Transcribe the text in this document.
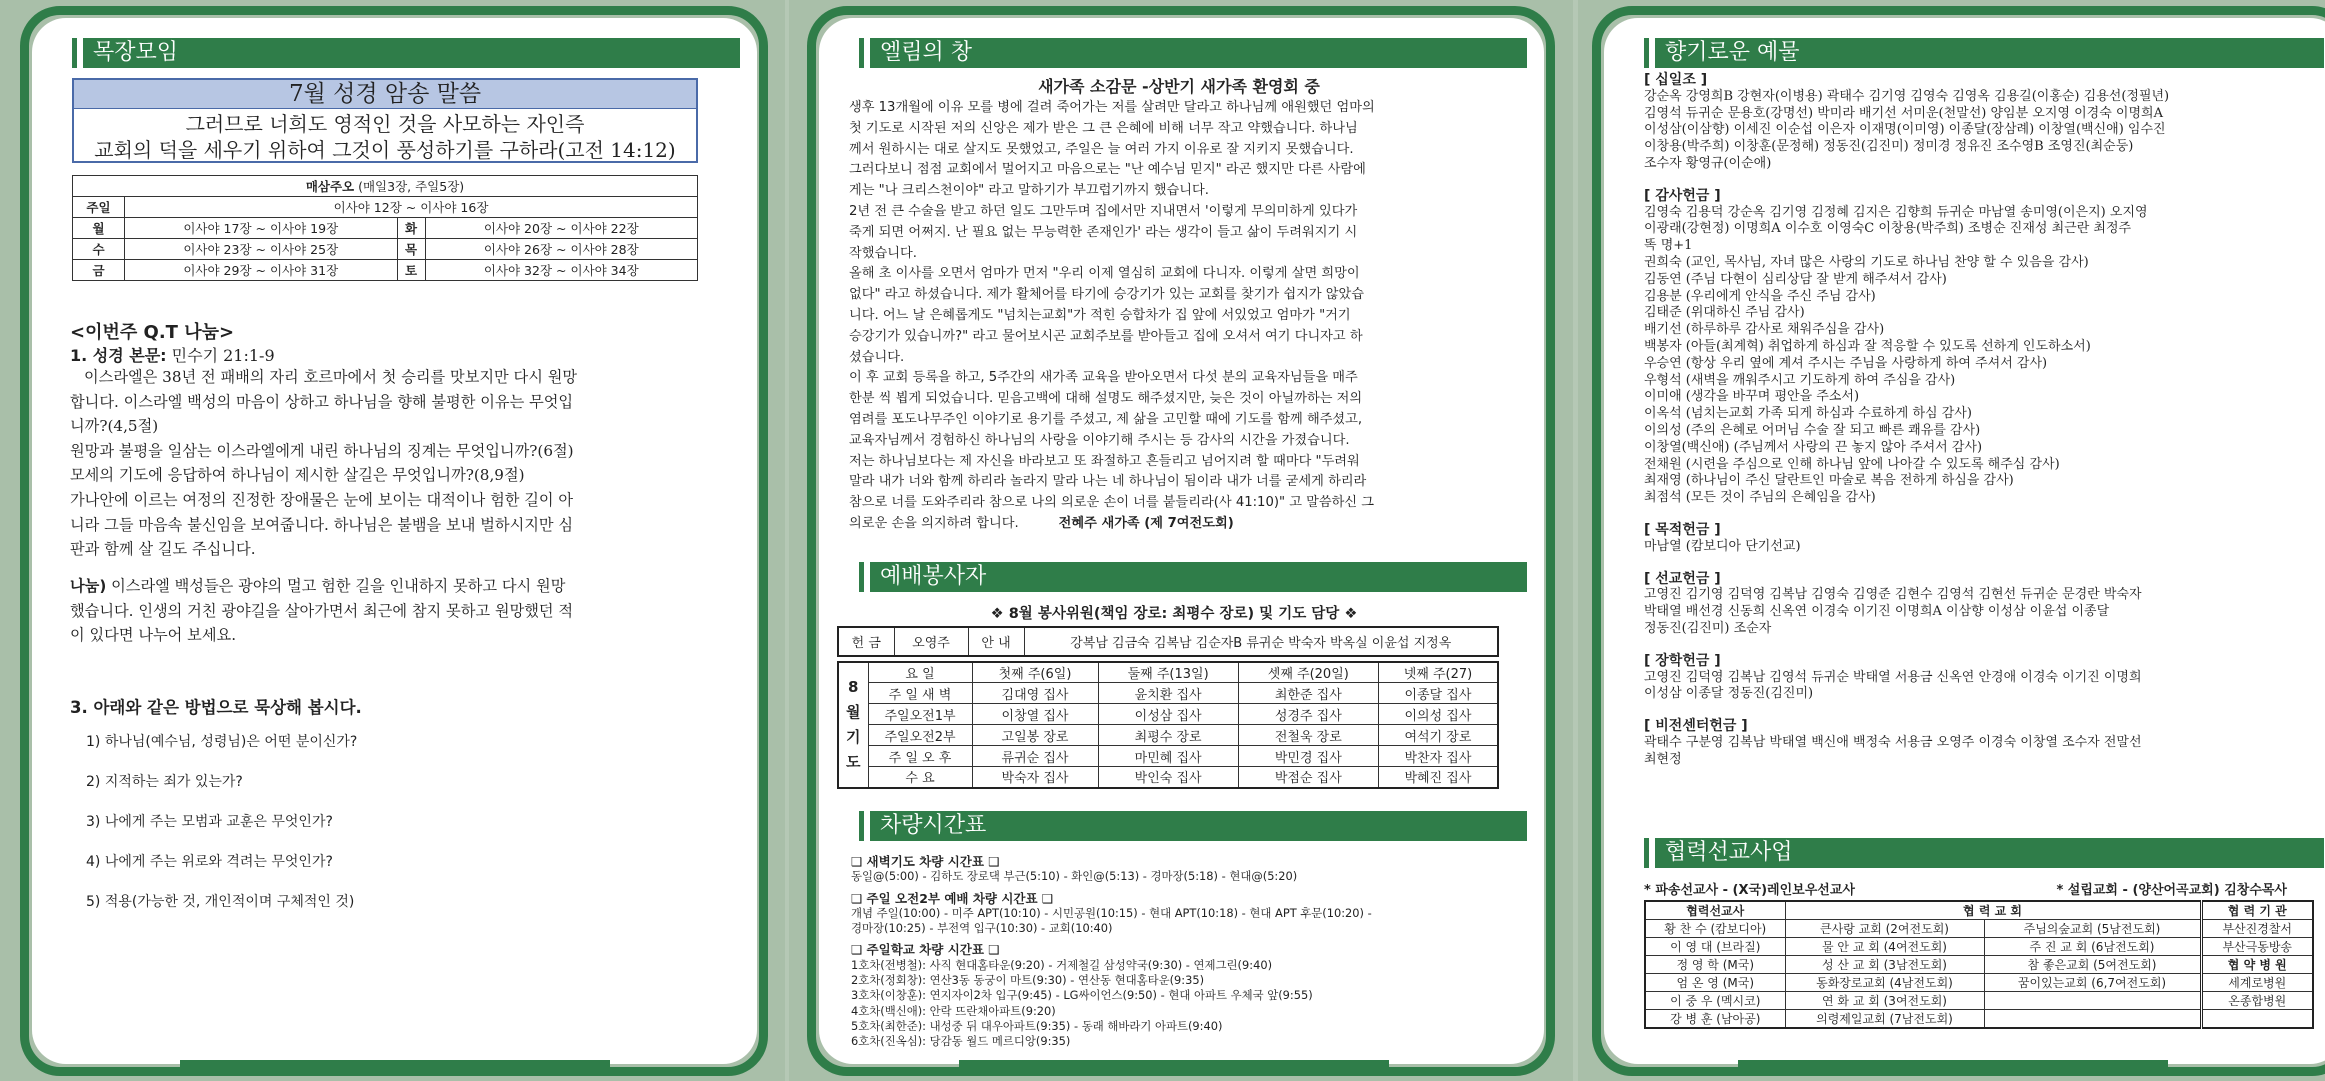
목장모임
7월 성경 암송 말씀
그러므로 너희도 영적인 것을 사모하는 자인즉
교회의 덕을 세우기 위하여 그것이 풍성하기를 구하라(고전 14:12)
매삼주오 (매일3장, 주일5장)			
주일	이사야 12장 ~ 이사야 16장		
월	이사야 17장 ~ 이사야 19장	화	이사야 20장 ~ 이사야 22장
수	이사야 23장 ~ 이사야 25장	목	이사야 26장 ~ 이사야 28장
금	이사야 29장 ~ 이사야 31장	토	이사야 32장 ~ 이사야 34장
<이번주 Q.T 나눔>
1. 성경 본문: 민수기 21:1-9
이스라엘은 38년 전 패배의 자리 호르마에서 첫 승리를 맛보지만 다시 원망
합니다. 이스라엘 백성의 마음이 상하고 하나님을 향해 불평한 이유는 무엇입
니까?(4,5절)
원망과 불평을 일삼는 이스라엘에게 내린 하나님의 징계는 무엇입니까?(6절)
모세의 기도에 응답하여 하나님이 제시한 살길은 무엇입니까?(8,9절)
가나안에 이르는 여정의 진정한 장애물은 눈에 보이는 대적이나 험한 길이 아
니라 그들 마음속 불신임을 보여줍니다. 하나님은 불뱀을 보내 벌하시지만 심
판과 함께 살 길도 주십니다.
나눔) 이스라엘 백성들은 광야의 멀고 험한 길을 인내하지 못하고 다시 원망
했습니다. 인생의 거친 광야길을 살아가면서 최근에 참지 못하고 원망했던 적
이 있다면 나누어 보세요.
3. 아래와 같은 방법으로 묵상해 봅시다.
1) 하나님(예수님, 성령님)은 어떤 분이신가?
2) 지적하는 죄가 있는가?
3) 나에게 주는 모범과 교훈은 무엇인가?
4) 나에게 주는 위로와 격려는 무엇인가?
5) 적용(가능한 것, 개인적이며 구체적인 것)
엘림의 창
새가족 소감문 -상반기 새가족 환영회 중
생후 13개월에 이유 모를 병에 걸려 죽어가는 저를 살려만 달라고 하나님께 애원했던 엄마의
첫 기도로 시작된 저의 신앙은 제가 받은 그 큰 은혜에 비해 너무 작고 약했습니다. 하나님
께서 원하시는 대로 살지도 못했었고, 주일은 늘 여러 가지 이유로 잘 지키지 못했습니다.
그러다보니 점점 교회에서 멀어지고 마음으로는 "난 예수님 믿지" 라곤 했지만 다른 사람에
게는 "나 크리스천이야" 라고 말하기가 부끄럽기까지 했습니다.
2년 전 큰 수술을 받고 하던 일도 그만두며 집에서만 지내면서 '이렇게 무의미하게 있다가
죽게 되면 어쩌지. 난 필요 없는 무능력한 존재인가' 라는 생각이 들고 삶이 두려워지기 시
작했습니다.
올해 초 이사를 오면서 엄마가 먼저 "우리 이제 열심히 교회에 다니자. 이렇게 살면 희망이
없다" 라고 하셨습니다. 제가 활체어를 타기에 승강기가 있는 교회를 찾기가 쉽지가 않았습
니다. 어느 날 은혜롭게도 "넘치는교회"가 적힌 승합차가 집 앞에 서있었고 엄마가 "거기
승강기가 있습니까?" 라고 물어보시곤 교회주보를 받아들고 집에 오셔서 여기 다니자고 하
셨습니다.
이 후 교회 등록을 하고, 5주간의 새가족 교육을 받아오면서 다섯 분의 교육자님들을 매주
한분 씩 뵙게 되었습니다. 믿음고백에 대해 설명도 해주셨지만, 늦은 것이 아닐까하는 저의
염려를 포도나무주인 이야기로 용기를 주셨고, 제 삶을 고민할 때에 기도를 함께 해주셨고,
교육자님께서 경험하신 하나님의 사랑을 이야기해 주시는 등 감사의 시간을 가졌습니다.
저는 하나님보다는 제 자신을 바라보고 또 좌절하고 흔들리고 넘어지려 할 때마다 "두려워
말라 내가 너와 함께 하리라 놀라지 말라 나는 네 하나님이 됨이라 내가 너를 굳세게 하리라
참으로 너를 도와주리라 참으로 나의 의로운 손이 너를 붙들리라(사 41:10)" 고 말씀하신 그
의로운 손을 의지하려 합니다.	전혜주 새가족 (제 7여전도회)
예배봉사자
❖ 8월 봉사위원(책임 장로: 최평수 장로) 및 기도 담당 ❖
헌 금	오영주	안 내	강복남 김금숙 김복남 김순자B 류귀순 박숙자 박옥실 이윤섭 지정옥
8월기도	요 일	첫째 주(6일)	둘째 주(13일)	셋째 주(20일)	넷째 주(27)
	주 일 새 벽	김대영 집사	윤치환 집사	최한준 집사	이종달 집사
	주일오전1부	이창열 집사	이성삼 집사	성경주 집사	이의성 집사
	주일오전2부	고일봉 장로	최평수 장로	전철욱 장로	여석기 장로
	주 일 오 후	류귀순 집사	마민혜 집사	박민경 집사	박찬자 집사
	수 요	박숙자 집사	박인숙 집사	박점순 집사	박혜진 집사
차량시간표
❑ 새벽기도 차량 시간표 ❑
동일@(5:00) - 김하도 장로댁 부근(5:10) - 화인@(5:13) - 경마장(5:18) - 현대@(5:20)
❑ 주일 오전2부 예배 차량 시간표 ❑
개념 주일(10:00) - 미주 APT(10:10) - 시민공원(10:15) - 현대 APT(10:18) - 현대 APT 후문(10:20) -
경마장(10:25) - 부전역 입구(10:30) - 교회(10:40)
❑ 주일학교 차량 시간표 ❑
1호차(전병철): 사직 현대홈타운(9:20) - 거제철길 삼성약국(9:30) - 연제그린(9:40)
2호차(정회창): 연산3동 동궁이 마트(9:30) - 연산동 현대홈타운(9:35)
3호차(이창훈): 연지자이2차 입구(9:45) - LG싸이언스(9:50) - 현대 아파트 우체국 앞(9:55)
4호차(백신애): 안락 뜨란채아파트(9:20)
5호차(최한준): 내성중 뒤 대우아파트(9:35) - 동래 해바라기 아파트(9:40)
6호차(진옥심): 당감동 월드 메르디앙(9:35)
향기로운 예물
[ 십일조 ]
강순옥 강영희B 강현자(이병용) 곽태수 김기영 김영숙 김영옥 김용길(이홍순) 김용선(정필년)
김영석 듀귀순 문용호(강명선) 박미라 배기선 서미운(천말선) 양임분 오지영 이경숙 이명희A
이성삼(이삼향) 이세진 이순섭 이은자 이재명(이미영) 이종달(장삼례) 이창열(백신애) 임수진
이창용(박주희) 이창훈(문정해) 정동진(김진미) 정미경 정유진 조수영B 조영진(최순둥)
조수자 황영규(이순애)
[ 감사헌금 ]
김영숙 김용덕 강순옥 김기영 김정혜 김지은 김향희 듀귀순 마남열 송미영(이은지) 오지영
이광래(강현정) 이명희A 이수호 이영숙C 이창용(박주희) 조병순 진재성 최근란 최정주
똑 명+1
권희숙 (교인, 목사님, 자녀 많은 사랑의 기도로 하나님 찬양 할 수 있음을 감사)
김동연 (주님 다현이 심리상담 잘 받게 해주셔서 감사)
김용분 (우리에게 안식을 주신 주님 감사)
김태준 (위대하신 주님 감사)
배기선 (하루하루 감사로 채워주심을 감사)
백봉자 (아들(최계혁) 취업하게 하심과 잘 적응할 수 있도록 선하게 인도하소서)
우승연 (항상 우리 옆에 계셔 주시는 주님을 사랑하게 하여 주셔서 감사)
우형석 (새벽을 깨워주시고 기도하게 하여 주심을 감사)
이미애 (생각을 바꾸며 평안을 주소서)
이옥석 (넘치는교회 가족 되게 하심과 수료하게 하심 감사)
이의성 (주의 은혜로 어머님 수술 잘 되고 빠른 쾌유를 감사)
이창열(백신애) (주님께서 사랑의 끈 놓지 않아 주셔서 감사)
전채원 (시련을 주심으로 인해 하나님 앞에 나아갈 수 있도록 해주심 감사)
최재영 (하나님이 주신 달란트인 마술로 복음 전하게 하심을 감사)
최점석 (모든 것이 주님의 은혜임을 감사)
[ 목적헌금 ]
마남열 (캄보디아 단기선교)
[ 선교헌금 ]
고영진 김기영 김덕영 김복남 김영숙 김영준 김현수 김영석 김현선 듀귀순 문경란 박숙자
박태열 배선경 신동희 신옥연 이경숙 이기진 이명희A 이삼향 이성삼 이윤섭 이종달
정동진(김진미) 조순자
[ 장학헌금 ]
고영진 김덕영 김복남 김영석 듀귀순 박태열 서용금 신옥연 안경애 이경숙 이기진 이명희
이성삼 이종달 정동진(김진미)
[ 비전센터헌금 ]
곽태수 구분영 김복남 박태열 백신애 백정숙 서용금 오영주 이경숙 이창열 조수자 전말선
최현정
협력선교사업
* 파송선교사 - (X국)레인보우선교사	* 설립교회 - (양산어곡교회) 김창수목사
협력선교사	협 력 교 회		협 력 기 관
황 찬 수 (캄보디아)	큰사랑 교회 (2여전도회)	주님의숲교회 (5남전도회)	부산진경찰서
이 영 대 (브라질)	물 안 교 회 (4여전도회)	주 진 교 회 (6남전도회)	부산극동방송
정 영 학 (M국)	성 산 교 회 (3남전도회)	참 좋은교회 (5여전도회)	협 약 병 원
엄 온 영 (M국)	동화장로교회 (4남전도회)	꿈이있는교회 (6,7여전도회)	세계로병원
이 중 우 (멕시코)	연 화 교 회 (3여전도회)		온종합병원
강 병 훈 (남아공)	의령제일교회 (7남전도회)		
